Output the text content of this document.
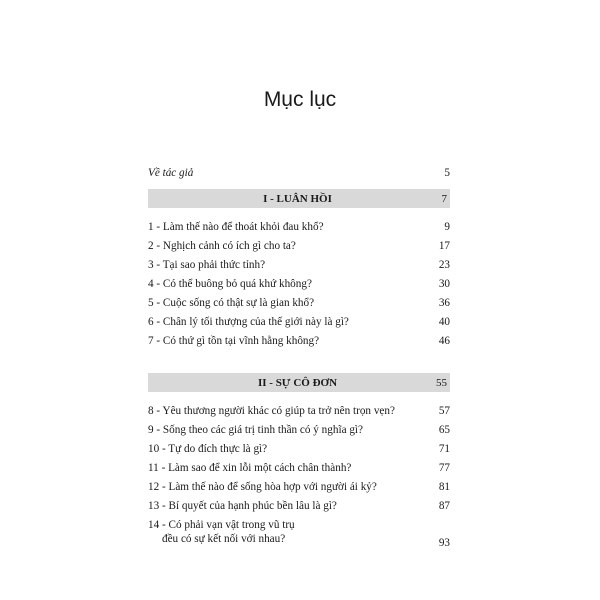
Mục lục
Về tác giả	5
I - LUÂN HỒI	7
1 - Làm thế nào để thoát khỏi đau khổ?	9
2 - Nghịch cảnh có ích gì cho ta?	17
3 - Tại sao phải thức tỉnh?	23
4 - Có thể buông bỏ quá khứ không?	30
5 - Cuộc sống có thật sự là gian khổ?	36
6 - Chân lý tối thượng của thế giới này là gì?	40
7 - Có thứ gì tồn tại vĩnh hằng không?	46
II - SỰ CÔ ĐƠN	55
8 - Yêu thương người khác có giúp ta trở nên trọn vẹn?	57
9 - Sống theo các giá trị tinh thần có ý nghĩa gì?	65
10 - Tự do đích thực là gì?	71
11 - Làm sao để xin lỗi một cách chân thành?	77
12 - Làm thế nào để sống hòa hợp với người ái kỷ?	81
13 - Bí quyết của hạnh phúc bền lâu là gì?	87
14 - Có phải vạn vật trong vũ trụ
đều có sự kết nối với nhau?	93
